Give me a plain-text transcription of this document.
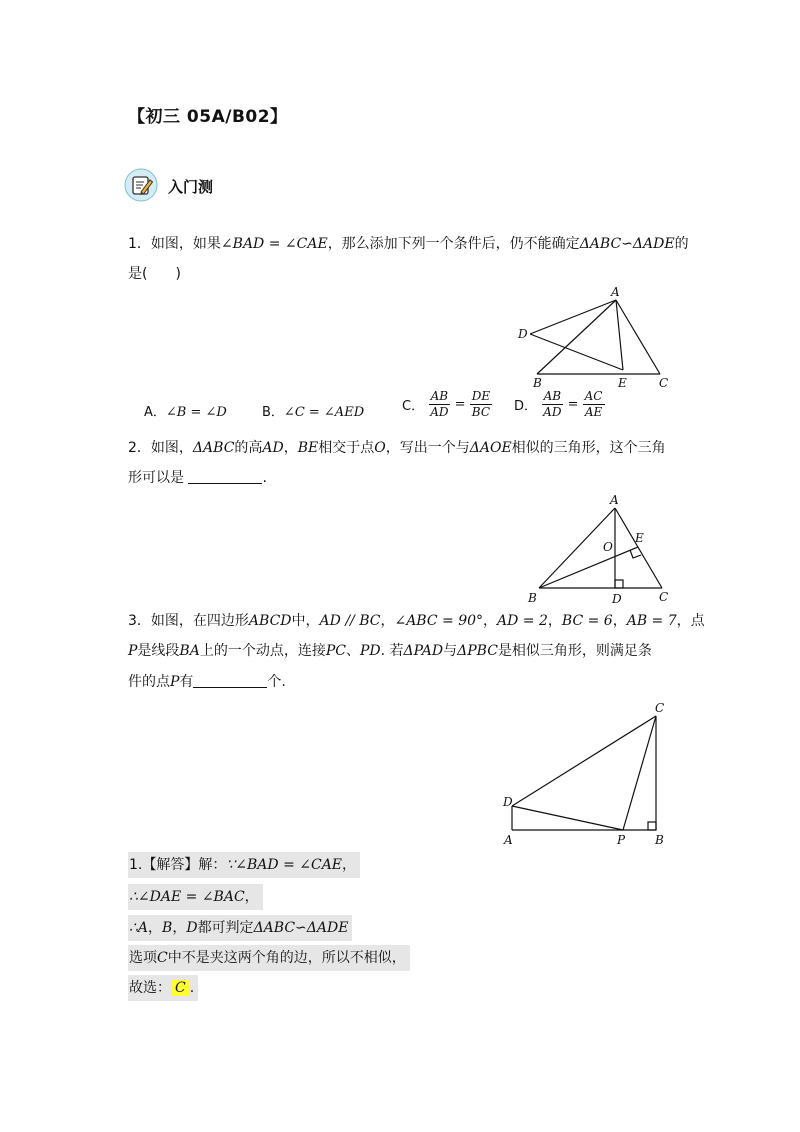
【初三 05A/B02】
入门测
1．如图，如果∠BAD = ∠CAE，那么添加下列一个条件后，仍不能确定ΔABC∽ΔADE的
是(　　)
A
D
B	E	C
A．∠B = ∠D	B．∠C = ∠AED	C． $\frac{AB}{AD} = \frac{DE}{BC}$ D． $\frac{AB}{AD} = \frac{AC}{AE}$
2．如图，ΔABC的高AD，BE相交于点O，写出一个与ΔAOE相似的三角形，这个三角
形可以是	.
A
O
E
B	D	C
3．如图，在四边形ABCD中，AD // BC，∠ABC = 90°，AD = 2，BC = 6，AB = 7，点
P是线段BA上的一个动点，连接PC、PD. 若ΔPAD与ΔPBC是相似三角形，则满足条
件的点P有	个.
C
D
A	P B
1.【解答】解：∵∠BAD = ∠CAE，
∴∠DAE = ∠BAC，
∴A，B，D都可判定ΔABC∽ΔADE
选项C中不是夹这两个角的边，所以不相似，
故选： C .
